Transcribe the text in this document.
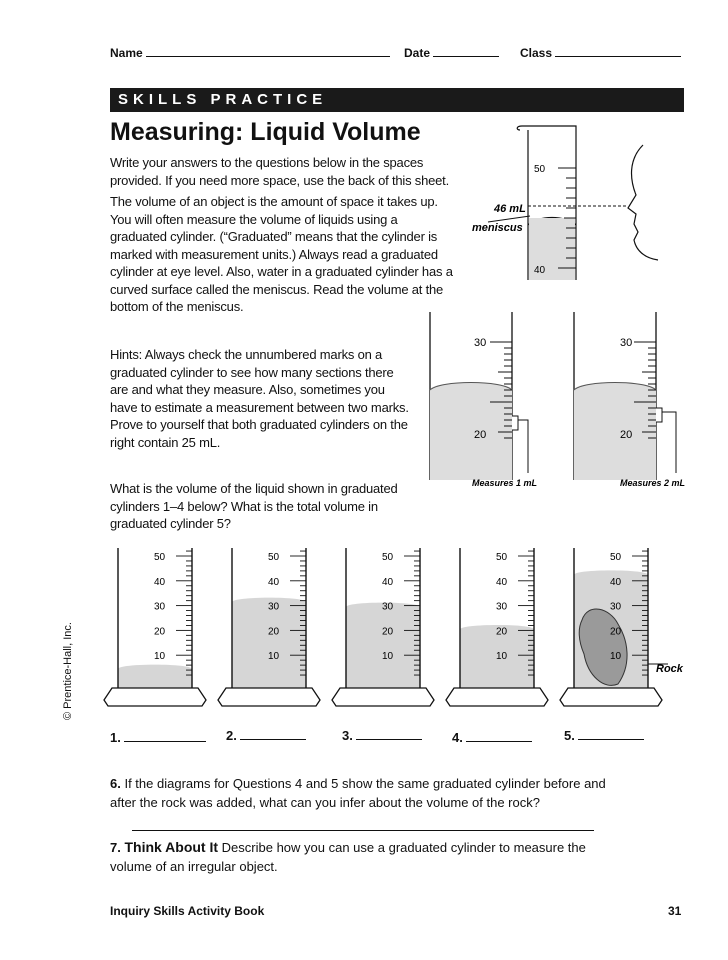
Name	Date	Class
SKILLS PRACTICE
Measuring: Liquid Volume
Write your answers to the questions below in the spaces provided. If you need more space, use the back of this sheet.
The volume of an object is the amount of space it takes up. You will often measure the volume of liquids using a graduated cylinder. (“Graduated” means that the cylinder is marked with measurement units.) Always read a graduated cylinder at eye level. Also, water in a graduated cylinder has a curved surface called the meniscus. Read the volume at the bottom of the meniscus.
Hints: Always check the unnumbered marks on a graduated cylinder to see how many sections there are and what they measure. Also, sometimes you have to estimate a measurement between two marks. Prove to yourself that both graduated cylinders on the right contain 25 mL.
What is the volume of the liquid shown in graduated cylinders 1–4 below? What is the total volume in graduated cylinder 5?
50
40
46 mL
meniscus
30
20
Measures 1 mL
30
20
Measures 2 mL
50
40
30
20
10
50
40
30
20
10
50
40
30
20
10
50
40
30
20
10
Rock
50
40
30
20
10
1.	2.	3.	4.	5.
6. If the diagrams for Questions 4 and 5 show the same graduated cylinder before and after the rock was added, what can you infer about the volume of the rock?
7. Think About It Describe how you can use a graduated cylinder to measure the volume of an irregular object.
Inquiry Skills Activity Book	31
© Prentice-Hall, Inc.
